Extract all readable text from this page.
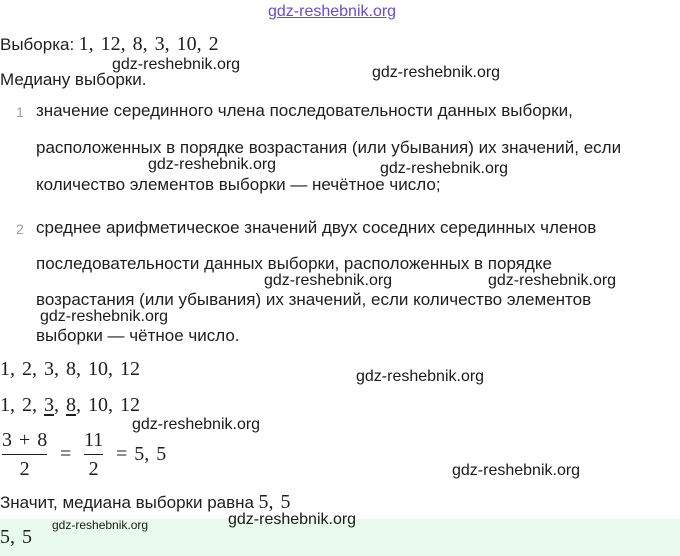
gdz-reshebnik.org
Выборка: 1, 12, 8, 3, 10, 2
gdz-reshebnik.org	gdz-reshebnik.org
Медиану выборки.
1 значение серединного члена последовательности данных выборки,
расположенных в порядке возрастания (или убывания) их значений, если
gdz-reshebnik.org	gdz-reshebnik.org
количество элементов выборки — нечётное число;
2 среднее арифметическое значений двух соседних серединных членов
последовательности данных выборки, расположенных в порядке
gdz-reshebnik.org	gdz-reshebnik.org
возрастания (или убывания) их значений, если количество элементов
gdz-reshebnik.org
выборки — чётное число.
1, 2, 3, 8, 10, 12	gdz-reshebnik.org
1, 2, 3, 8, 10, 12
gdz-reshebnik.org
3 + 8
2
=
11
2
= 5, 5
gdz-reshebnik.org
Значит, медиана выборки равна 5, 5
gdz-reshebnik.org	gdz-reshebnik.org
5, 5
